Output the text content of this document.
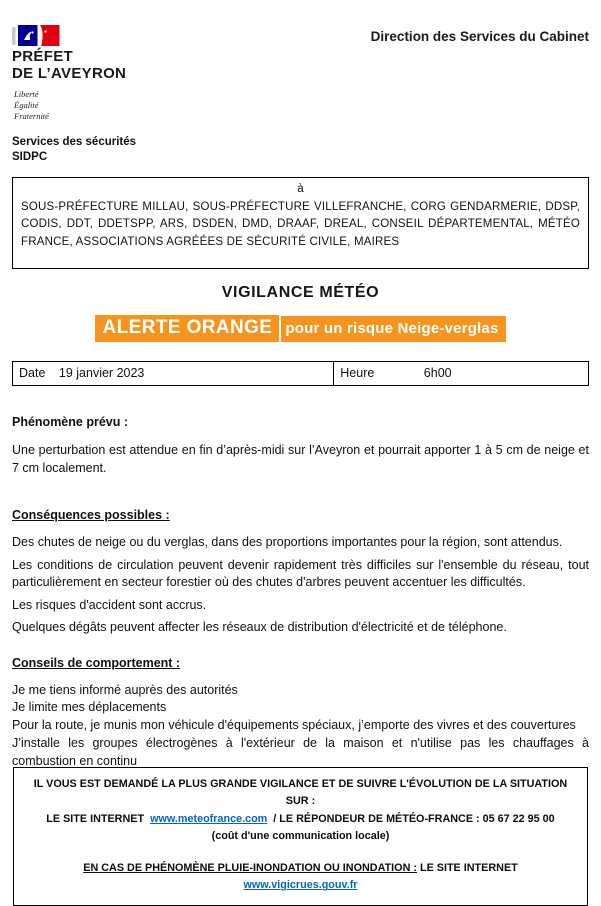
PRÉFET
DE L’AVEYRON
Liberté
Égalité
Fraternité
Direction des Services du Cabinet
Services des sécurités
SIDPC
à
SOUS-PRÉFECTURE MILLAU, SOUS-PRÉFECTURE VILLEFRANCHE, CORG GENDARMERIE, DDSP, CODIS, DDT, DDETSPP, ARS, DSDEN, DMD, DRAAF, DREAL, CONSEIL DÉPARTEMENTAL, MÉTÉO FRANCE, ASSOCIATIONS AGRÉÉES DE SÉCURITÉ CIVILE, MAIRES
VIGILANCE MÉTÉO
ALERTE ORANGE pour un risque Neige-verglas
Date 19 janvier 2023	Heure	6h00
Phénomène prévu :
Une perturbation est attendue en fin d’après-midi sur l’Aveyron et pourrait apporter 1 à 5 cm de neige et 7 cm localement.
Conséquences possibles :

Des chutes de neige ou du verglas, dans des proportions importantes pour la région, sont attendus.

Les conditions de circulation peuvent devenir rapidement très difficiles sur l'ensemble du réseau, tout particulièrement en secteur forestier où des chutes d'arbres peuvent accentuer les difficultés.

Les risques d'accident sont accrus.

Quelques dégâts peuvent affecter les réseaux de distribution d'électricité et de téléphone.

Conseils de comportement :

Je me tiens informé auprès des autorités

Je limite mes déplacements

Pour la route, je munis mon véhicule d'équipements spéciaux, j’emporte des vivres et des couvertures

J’installe les groupes électrogènes à l'extérieur de la maison et n'utilise pas les chauffages à combustion en continu

IL VOUS EST DEMANDÉ LA PLUS GRANDE VIGILANCE ET DE SUIVRE L'ÉVOLUTION DE LA SITUATION SUR :
LE SITE INTERNET www.meteofrance.com / LE RÉPONDEUR DE MÉTÉO-FRANCE : 05 67 22 95 00
(coût d'une communication locale)
EN CAS DE PHÉNOMÈNE PLUIE-INONDATION OU INONDATION : LE SITE INTERNET www.vigicrues.gouv.fr
